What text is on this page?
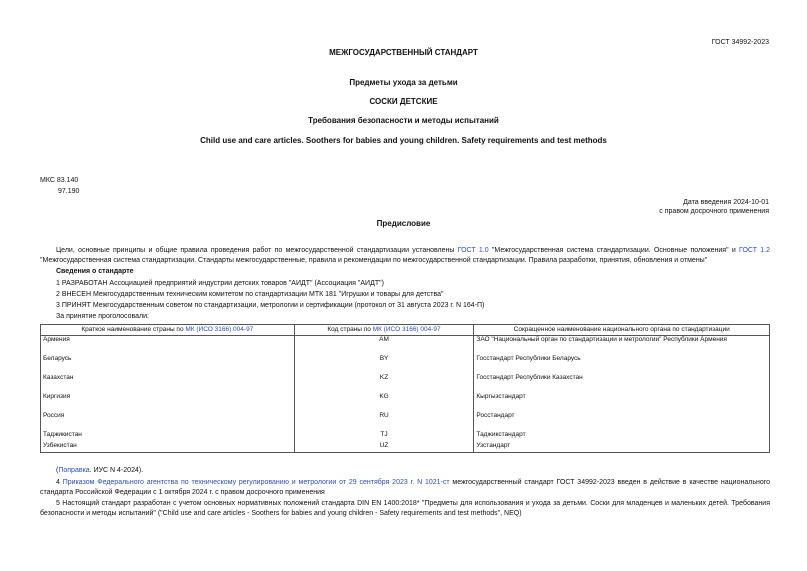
ГОСТ 34992-2023
МЕЖГОСУДАРСТВЕННЫЙ СТАНДАРТ
Предметы ухода за детьми
СОСКИ ДЕТСКИЕ
Требования безопасности и методы испытаний
Child use and care articles. Soothers for babies and young children. Safety requirements and test methods
МКС 83.140
97.190
Дата введения 2024-10-01
с правом досрочного применения
Предисловие
Цели, основные принципы и общие правила проведения работ по межгосударственной стандартизации установлены ГОСТ 1.0 "Межгосударственная система стандартизации. Основные положения" и ГОСТ 1.2 "Межгосударственная система стандартизации. Стандарты межгосударственные, правила и рекомендации по межгосударственной стандартизации. Правила разработки, принятия, обновления и отмены"
Сведения о стандарте
1 РАЗРАБОТАН Ассоциацией предприятий индустрии детских товаров "АИДТ" (Ассоциация "АИДТ")
2 ВНЕСЕН Межгосударственным техническим комитетом по стандартизации МТК 181 "Игрушки и товары для детства"
3 ПРИНЯТ Межгосударственным советом по стандартизации, метрологии и сертификации (протокол от 31 августа 2023 г. N 164-П)
За принятие проголосовали:
Краткое наименование страны по МК (ИСО 3166) 004-97	Код страны по МК (ИСО 3166) 004-97	Сокращенное наименование национального органа по стандартизации
Армения	AM	ЗАО "Национальный орган по стандартизации и метрологии" Республики Армения
Беларусь	BY	Госстандарт Республики Беларусь
Казахстан	KZ	Госстандарт Республики Казахстан
Киргизия	KG	Кыргызстандарт
Россия	RU	Росстандарт
Таджикистан	TJ	Таджикстандарт
Узбекистан	UZ	Узстандарт
(Поправка. ИУС N 4-2024).
4 Приказом Федерального агентства по техническому регулированию и метрологии от 29 сентября 2023 г. N 1021-ст межгосударственный стандарт ГОСТ 34992-2023 введен в действие в качестве национального стандарта Российской Федерации с 1 октября 2024 г. с правом досрочного применения
5 Настоящий стандарт разработан с учетом основных нормативных положений стандарта DIN EN 1400:2018* "Предметы для использования и ухода за детьми. Соски для младенцев и маленьких детей. Требования безопасности и методы испытаний" ("Child use and care articles - Soothers for babies and young children - Safety requirements and test methods", NEQ)
